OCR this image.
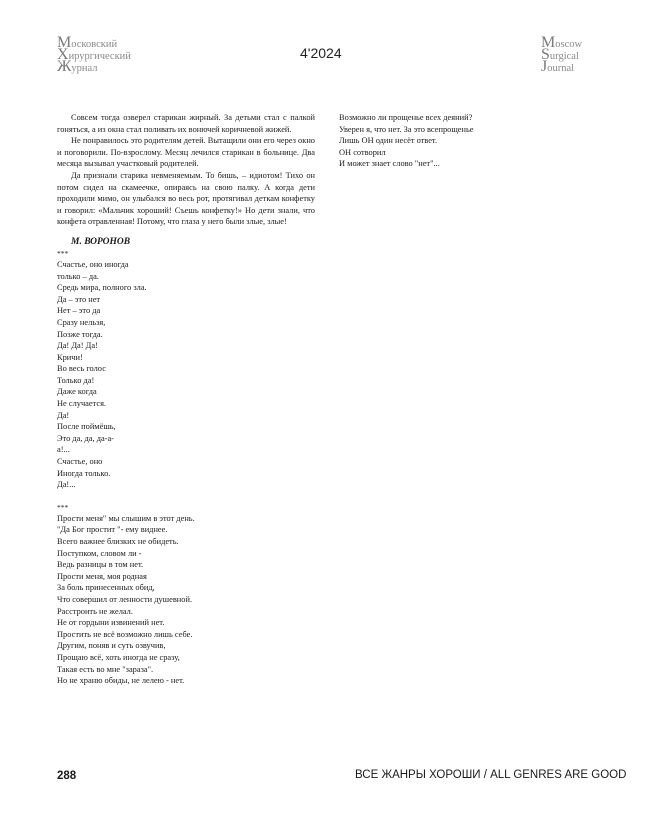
Московский
Хирургический
Журнал
4'2024
Moscow
Surgical
Journal

Совсем тогда озверел старикан жирный. За детьми стал с палкой гоняться, а из окна стал поливать их вонючей коричневой жижей.

Не понравилось это родителям детей. Вытащили они его через окно и поговорили. По-взрослому. Месяц лечился старикан в больнице. Два месяца вызывал участковый родителей.

Да признали старика невменяемым. То бишь, – идиотом! Тихо он потом сидел на скамеечке, опираясь на свою палку. А когда дети проходили мимо, он улыбался во весь рот, протягивал деткам конфетку и говорил: «Мальчик хороший! Съешь конфетку!» Но дети знали, что конфета отравленная! Потому, что глаза у него были злые, злые!

М. ВОРОНОВ

***

Счастье, оно иногда
только – да.
Средь мира, полного зла.
Да – это нет
Нет – это да
Сразу нельзя,
Позже тогда.
Да! Да! Да!
Кричи!
Во весь голос
Только да!
Даже когда
Не случается.
Да!
После поймёшь,
Это да, да, да-а-
а!...
Счастье, оно
Иногда только.
Да!...

***

Прости меня" мы слышим в этот день.
"Да Бог простит "- ему виднее.
Всего важнее близких не обидеть.
Поступком, словом ли -
Ведь разницы в том нет.
Прости меня, моя родная
За боль принесенных обид,
Что совершил от ленности душевной.
Расстроить не желал.
Не от гордыни извинений нет.
Простить не всё возможно лишь себе.
Другим, поняв и суть озвучив,
Прощаю всё, хоть иногда не сразу,
Такая есть во мне "зараза".
Но не храню обиды, не лелею - нет.

Возможно ли прощенье всех деяний?
Уверен я, что нет. За это всепрощенье
Лишь ОН один несёт ответ.
ОН сотворил
И может знает слово "нет"...

288	ВСЕ ЖАНРЫ ХОРОШИ / ALL GENRES ARE GOOD
